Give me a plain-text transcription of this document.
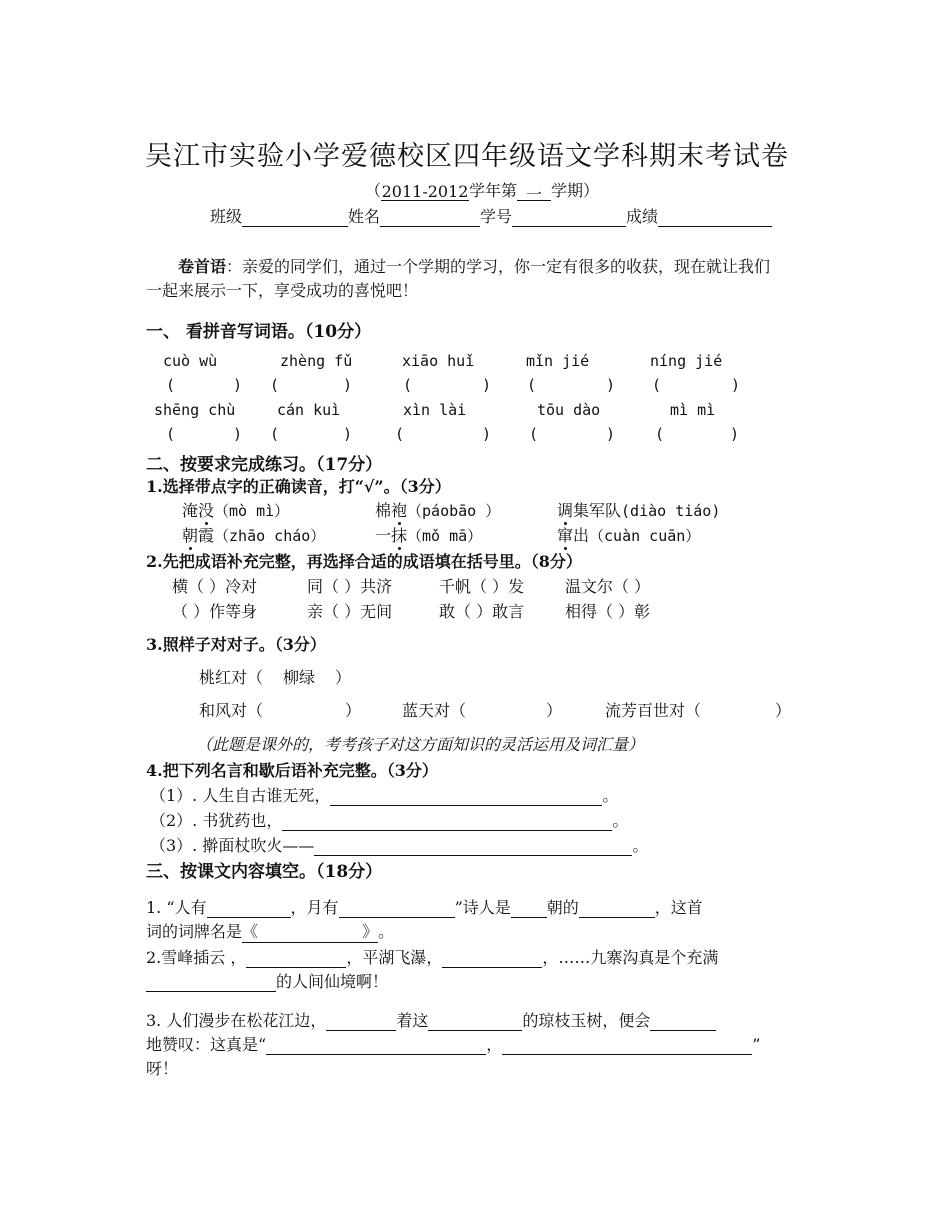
吴江市实验小学爱德校区四年级语文学科期末考试卷
（2011-2012学年第 一 学期）
班级	姓名	学号	成绩
卷首语：亲爱的同学们，通过一个学期的学习，你一定有很多的收获，现在就让我们
一起来展示一下，享受成功的喜悦吧！
一、 看拼音写词语。（10分）
cuò wù	zhèng fǔ	xiāo huǐ	mǐn jié	níng jié
(	) (	)	(	) (	) (	)
shēng chù	cán kuì	xìn lài	tōu dào	mì mì
(	) (	)	(	)	(	)	(	)
二、按要求完成练习。（17分）
1.选择带点字的正确读音，打“√”。（3分）
淹没（mò mì）	棉袍（páobāo ）	调集军队(diào tiáo)
朝霞（zhāo cháo）	一抹（mǒ mā）	窜出（cuàn cuān）
2.先把成语补充完整，再选择合适的成语填在括号里。（8分）
横（ ）冷对	同（ ）共济	千帆（ ）发	温文尔（ ）
（ ）作等身	亲（ ）无间	敢（ ）敢言	相得（ ）彰
3.照样子对对子。（3分）
桃红对（ 柳绿 ）
和风对（	）	蓝天对（	）	流芳百世对（	）
（此题是课外的，考考孩子对这方面知识的灵活运用及词汇量）
4.把下列名言和歇后语补充完整。（3分）
（1）. 人生自古谁无死，	。
（2）. 书犹药也，	。
（3）. 擀面杖吹火——	。
三、按课文内容填空。（18分）
1. “人有	，月有	”诗人是 朝的	，这首
词的词牌名是《	》。
2.雪峰插云 ，	，平湖飞瀑，	，……九寨沟真是个充满
的人间仙境啊！
3. 人们漫步在松花江边，	着这	的琼枝玉树，便会
地赞叹：这真是“	，	”
呀！
